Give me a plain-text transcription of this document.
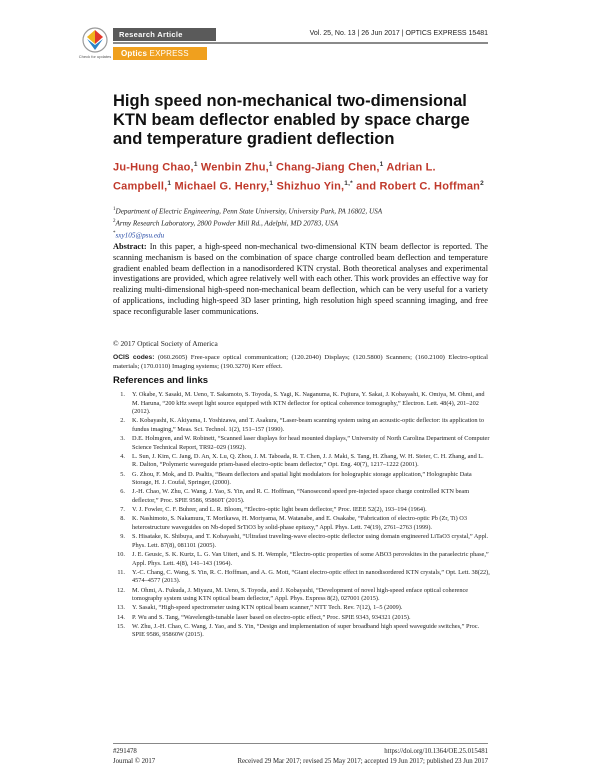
Check for updates
Research Article	Vol. 25, No. 13 | 26 Jun 2017 | OPTICS EXPRESS 15481
Optics EXPRESS
High speed non-mechanical two-dimensional KTN beam deflector enabled by space charge and temperature gradient deflection
Ju-Hung Chao,$^1$ Wenbin Zhu,$^1$ Chang-Jiang Chen,$^1$ Adrian L. Campbell,$^1$ Michael G. Henry,$^1$ Shizhuo Yin,$^{1,*}$ and Robert C. Hoffman$^2$
$^1$Department of Electric Engineering, Penn State University, University Park, PA 16802, USA
$^2$Army Research Laboratory, 2800 Powder Mill Rd., Adelphi, MD 20783, USA
*sxy105@psu.edu
Abstract: In this paper, a high-speed non-mechanical two-dimensional KTN beam deflector is reported. The scanning mechanism is based on the combination of space charge controlled beam deflection and temperature gradient enabled beam deflection in a nanodisordered KTN crystal. Both theoretical analyses and experimental investigations are provided, which agree relatively well with each other. This work provides an effective way for realizing multi-dimensional high-speed non-mechanical beam deflection, which can be very useful for a variety of applications, including high-speed 3D laser printing, high resolution high speed scanning imaging, and free space reconfigurable laser communications.
© 2017 Optical Society of America
OCIS codes: (060.2605) Free-space optical communication; (120.2040) Displays; (120.5800) Scanners; (160.2100) Electro-optical materials; (170.0110) Imaging systems; (190.3270) Kerr effect.
References and links
1. Y. Okabe, Y. Sasaki, M. Ueno, T. Sakamoto, S. Toyoda, S. Yagi, K. Naganuma, K. Fujiura, Y. Sakai, J. Kobayashi, K. Omiya, M. Ohmi, and M. Haruna, “200 kHz swept light source equipped with KTN deflector for optical coherence tomography,” Electron. Lett. 48(4), 201–202 (2012).
2. K. Kobayashi, K. Akiyama, I. Yoshizawa, and T. Asakura, “Laser-beam scanning system using an acoustic-optic deflector: its application to fundus imaging,” Meas. Sci. Technol. 1(2), 151–157 (1990).
3. D.E. Holmgren, and W. Robinett, “Scanned laser displays for head mounted displays,” University of North Carolina Department of Computer Science Technical Report, TR92–029 (1992).
4. L. Sun, J. Kim, C. Jang, D. An, X. Lu, Q. Zhou, J. M. Taboada, R. T. Chen, J. J. Maki, S. Tang, H. Zhang, W. H. Steier, C. H. Zhang, and L. R. Dalton, “Polymeric waveguide prism-based electro-optic beam deflector,” Opt. Eng. 40(7), 1217–1222 (2001).
5. G. Zhou, F. Mok, and D. Psaltis, “Beam deflectors and spatial light modulators for holographic storage application,” Holographic Data Storage, H. J. Coufal, Springer, (2000).
6. J.-H. Chao, W. Zhu, C. Wang, J. Yao, S. Yin, and R. C. Hoffman, “Nanosecond speed pre-injected space charge controlled KTN beam deflector,” Proc. SPIE 9586, 95860T (2015).
7. V. J. Fowler, C. F. Buhrer, and L. R. Bloom, “Electro-optic light beam deflector,” Proc. IEEE 52(2), 193–194 (1964).
8. K. Nashimoto, S. Nakamura, T. Morikawa, H. Moriyama, M. Watanabe, and E. Osakabe, “Fabrication of electro-optic Pb (Zr, Ti) O3 heterostructure waveguides on Nb-doped SrTiO3 by solid-phase epitaxy,” Appl. Phys. Lett. 74(19), 2761–2763 (1999).
9. S. Hisatake, K. Shibuya, and T. Kobayashi, “Ultrafast traveling-wave electro-optic deflector using domain engineered LiTaO3 crystal,” Appl. Phys. Lett. 87(8), 081101 (2005).
10. J. E. Geusic, S. K. Kurtz, L. G. Van Uitert, and S. H. Wemple, “Electro-optic properties of some ABO3 perovskites in the paraelectric phase,” Appl. Phys. Lett. 4(8), 141–143 (1964).
11. Y.-C. Chang, C. Wang, S. Yin, R. C. Hoffman, and A. G. Mott, “Giant electro-optic effect in nanodisordered KTN crystals,” Opt. Lett. 38(22), 4574–4577 (2013).
12. M. Ohmi, A. Fukuda, J. Miyazu, M. Ueno, S. Toyoda, and J. Kobayashi, “Development of novel high-speed enface optical coherence tomography system using KTN optical beam deflector,” Appl. Phys. Express 8(2), 027001 (2015).
13. Y. Sasaki, “High-speed spectrometer using KTN optical beam scanner,” NTT Tech. Rev. 7(12), 1–5 (2009).
14. P. Wu and S. Tang, “Wavelength-tunable laser based on electro-optic effect,” Proc. SPIE 9343, 934321 (2015).
15. W. Zhu, J.-H. Chao, C. Wang, J. Yao, and S. Yin, “Design and implementation of super broadband high speed waveguide switches,” Proc. SPIE 9586, 95860W (2015).
#291478
Journal © 2017
https://doi.org/10.1364/OE.25.015481
Received 29 Mar 2017; revised 25 May 2017; accepted 19 Jun 2017; published 23 Jun 2017
